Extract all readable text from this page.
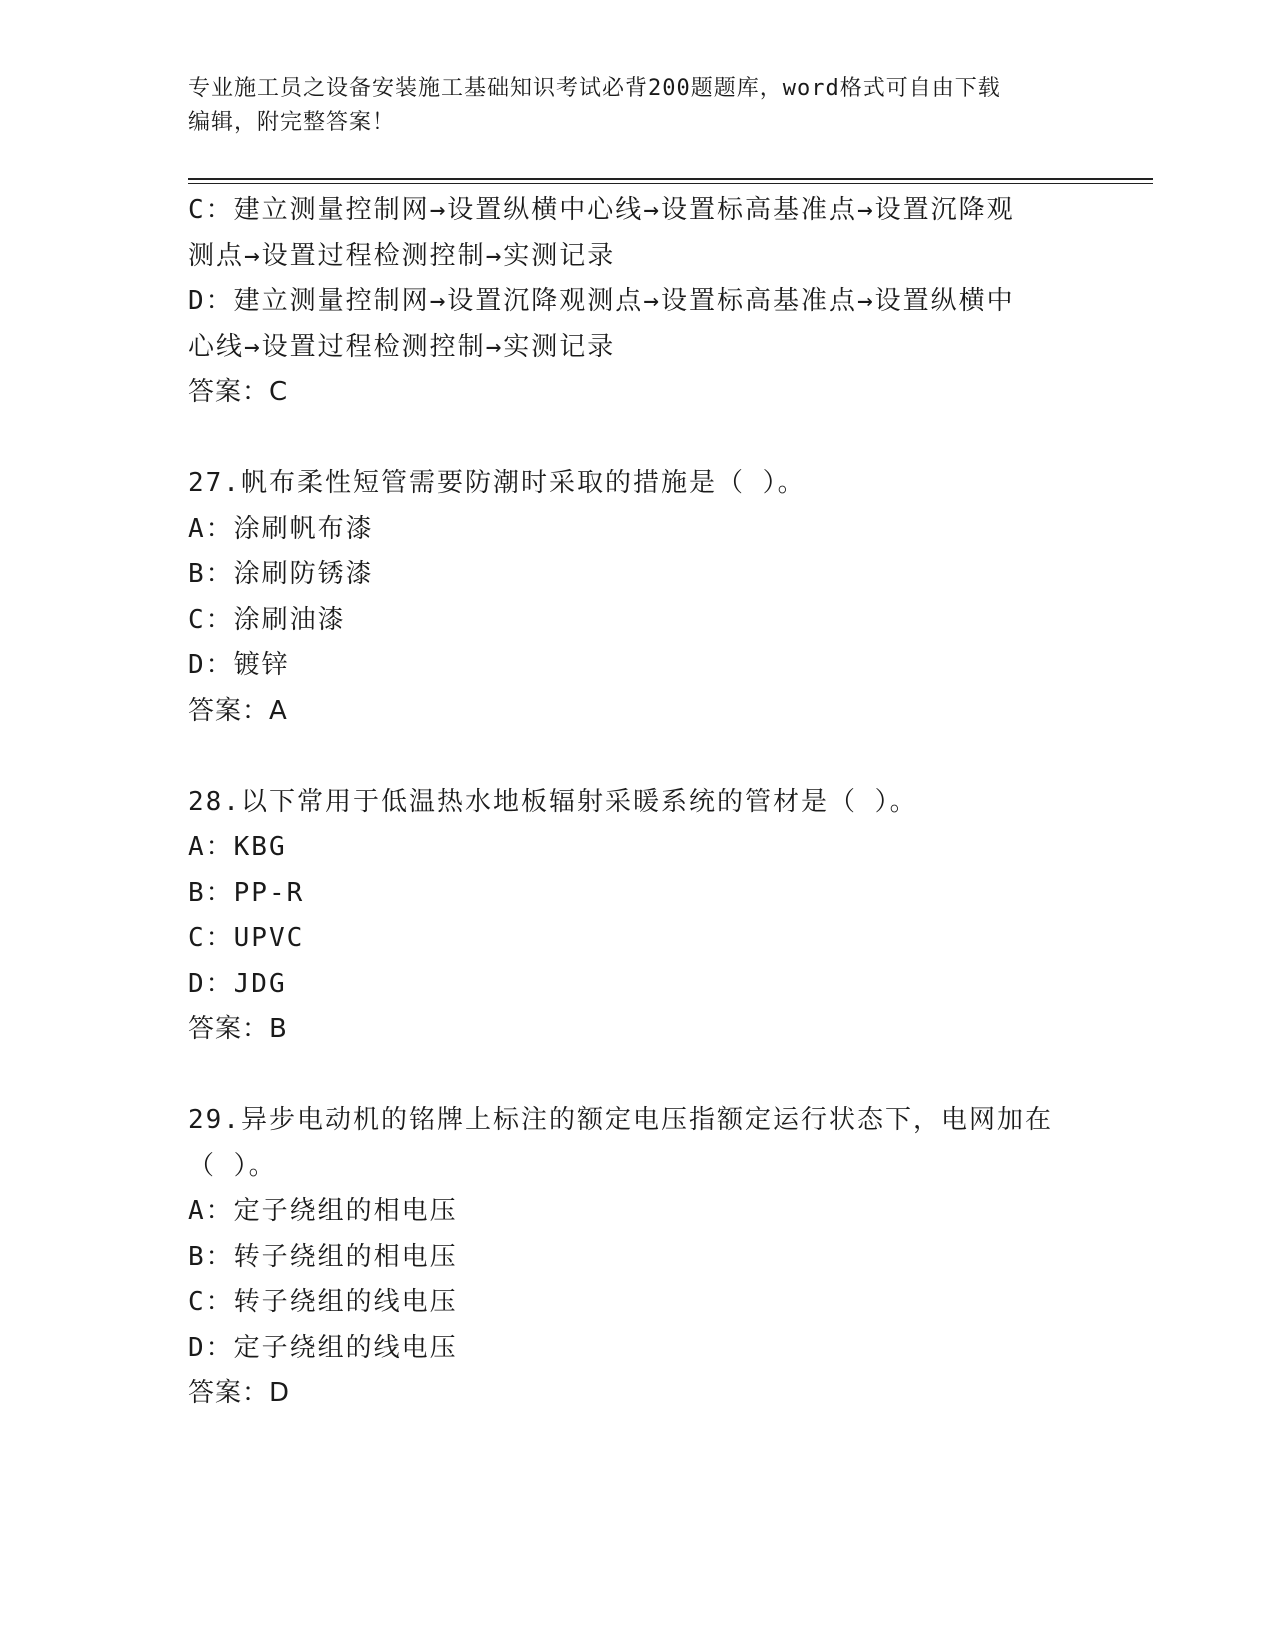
专业施工员之设备安装施工基础知识考试必背200题题库，word格式可自由下载
编辑，附完整答案！
C：建立测量控制网→设置纵横中心线→设置标高基准点→设置沉降观
测点→设置过程检测控制→实测记录
D：建立测量控制网→设置沉降观测点→设置标高基准点→设置纵横中
心线→设置过程检测控制→实测记录
答案：C
27.帆布柔性短管需要防潮时采取的措施是（ ）。
A：涂刷帆布漆
B：涂刷防锈漆
C：涂刷油漆
D：镀锌
答案：A
28.以下常用于低温热水地板辐射采暖系统的管材是（ ）。
A：KBG
B：PP-R
C：UPVC
D：JDG
答案：B
29.异步电动机的铭牌上标注的额定电压指额定运行状态下，电网加在
（ ）。
A：定子绕组的相电压
B：转子绕组的相电压
C：转子绕组的线电压
D：定子绕组的线电压
答案：D
